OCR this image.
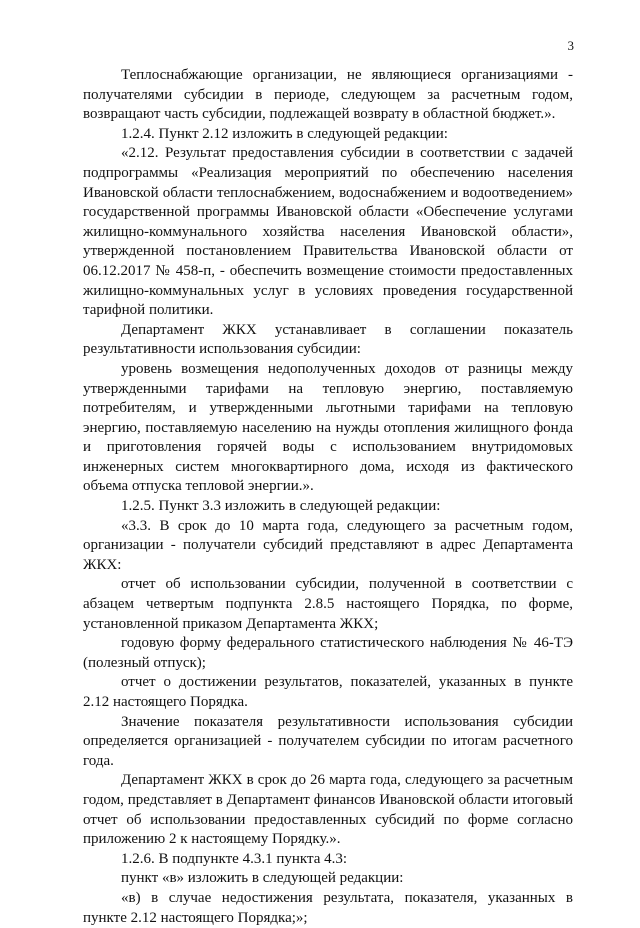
3

Теплоснабжающие организации, не являющиеся организациями - получателями субсидии в периоде, следующем за расчетным годом, возвращают часть субсидии, подлежащей возврату в областной бюджет.».

1.2.4. Пункт 2.12 изложить в следующей редакции:

«2.12. Результат предоставления субсидии в соответствии с задачей подпрограммы «Реализация мероприятий по обеспечению населения Ивановской области теплоснабжением, водоснабжением и водоотведением» государственной программы Ивановской области «Обеспечение услугами жилищно-коммунального хозяйства населения Ивановской области», утвержденной постановлением Правительства Ивановской области от 06.12.2017 № 458-п, - обеспечить возмещение стоимости предоставленных жилищно-коммунальных услуг в условиях проведения государственной тарифной политики.

Департамент ЖКХ устанавливает в соглашении показатель результативности использования субсидии:

уровень возмещения недополученных доходов от разницы между утвержденными тарифами на тепловую энергию, поставляемую потребителям, и утвержденными льготными тарифами на тепловую энергию, поставляемую населению на нужды отопления жилищного фонда и приготовления горячей воды с использованием внутридомовых инженерных систем многоквартирного дома, исходя из фактического объема отпуска тепловой энергии.».

1.2.5. Пункт 3.3 изложить в следующей редакции:

«3.3. В срок до 10 марта года, следующего за расчетным годом, организации - получатели субсидий представляют в адрес Департамента ЖКХ:

отчет об использовании субсидии, полученной в соответствии с абзацем четвертым подпункта 2.8.5 настоящего Порядка, по форме, установленной приказом Департамента ЖКХ;

годовую форму федерального статистического наблюдения № 46-ТЭ (полезный отпуск);

отчет о достижении результатов, показателей, указанных в пункте 2.12 настоящего Порядка.

Значение показателя результативности использования субсидии определяется организацией - получателем субсидии по итогам расчетного года.

Департамент ЖКХ в срок до 26 марта года, следующего за расчетным годом, представляет в Департамент финансов Ивановской области итоговый отчет об использовании предоставленных субсидий по форме согласно приложению 2 к настоящему Порядку.».

1.2.6. В подпункте 4.3.1 пункта 4.3:

пункт «в» изложить в следующей редакции:

«в) в случае недостижения результата, показателя, указанных в пункте 2.12 настоящего Порядка;»;
